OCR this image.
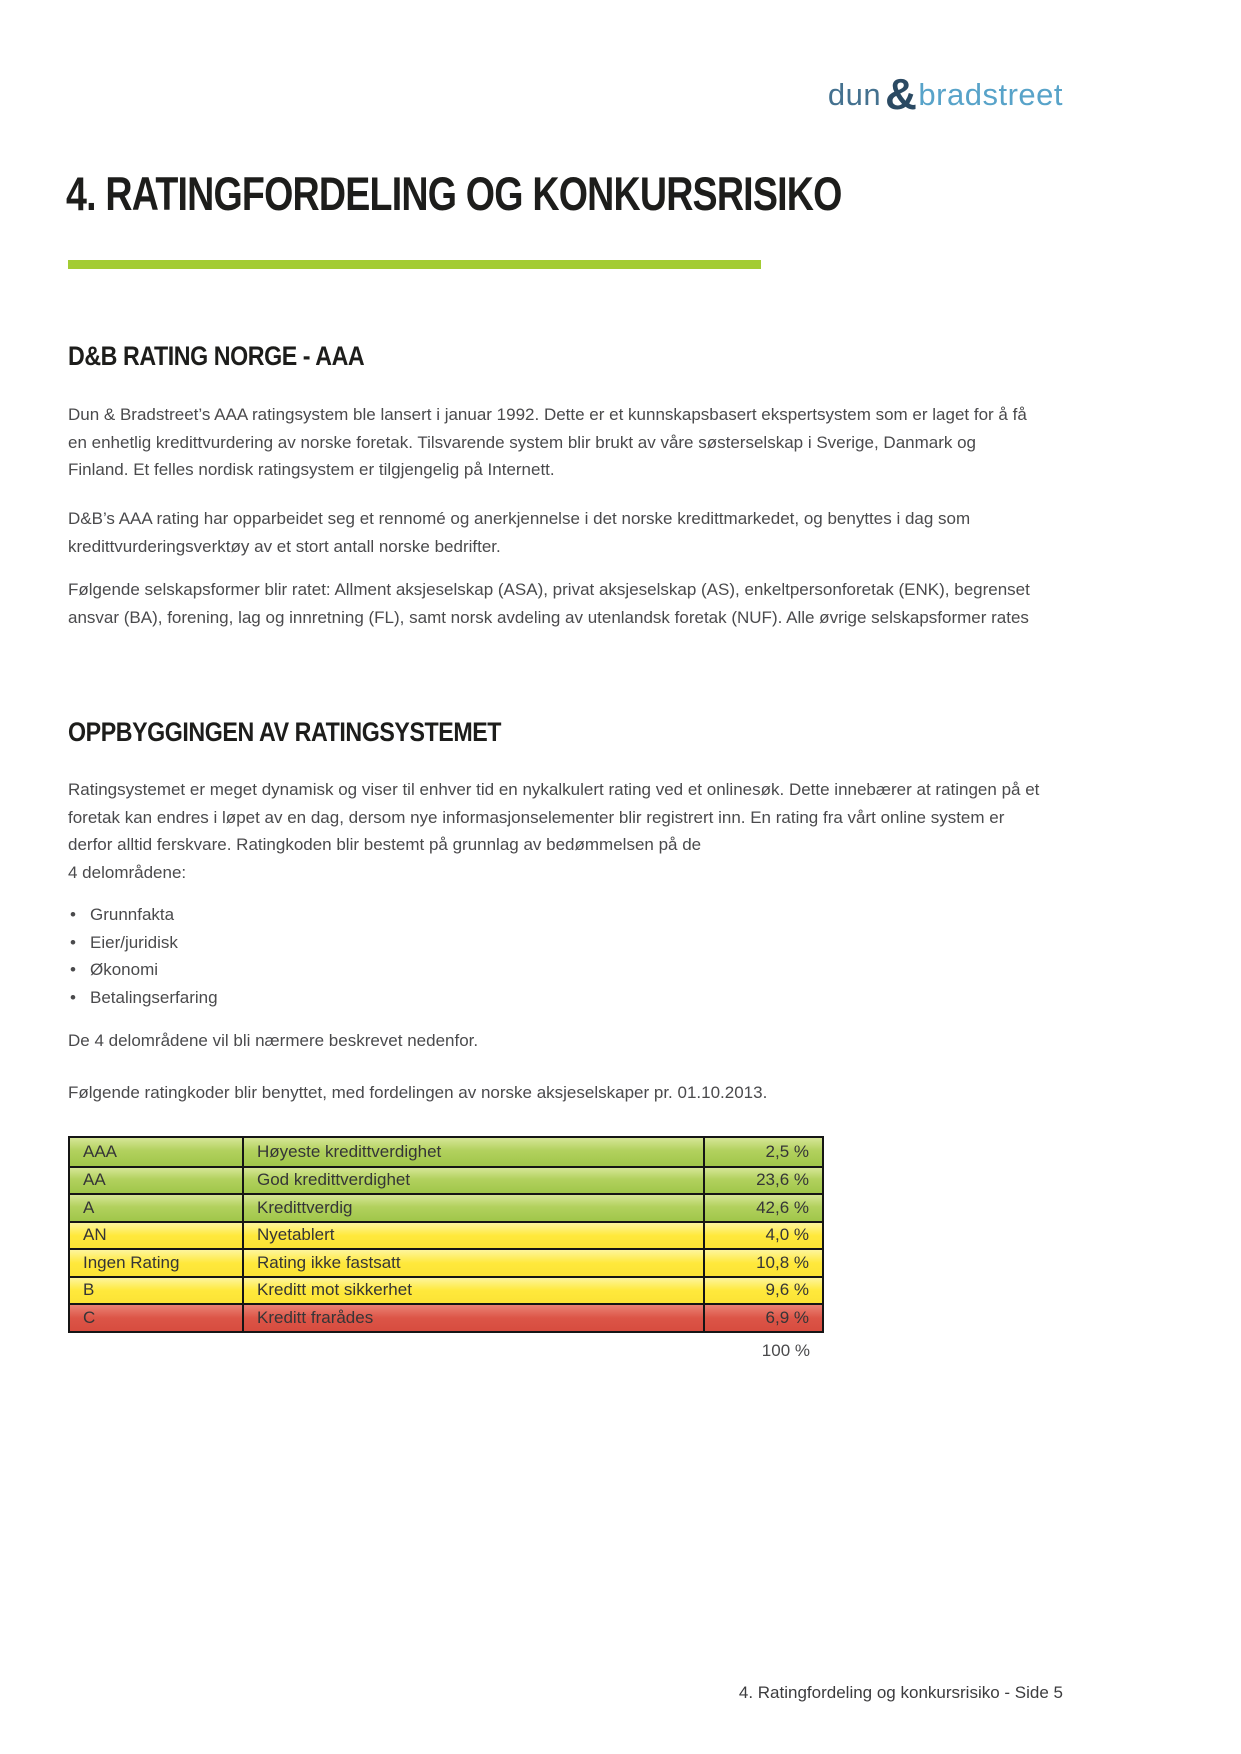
dun & bradstreet
4. RATINGFORDELING OG KONKURSRISIKO
D&B RATING NORGE - AAA
Dun & Bradstreet’s AAA ratingsystem ble lansert i januar 1992. Dette er et kunnskapsbasert ekspertsystem som er laget for å få en enhetlig kredittvurdering av norske foretak. Tilsvarende system blir brukt av våre søsterselskap i Sverige, Danmark og Finland. Et felles nordisk ratingsystem er tilgjengelig på Internett.
D&B’s AAA rating har opparbeidet seg et rennomé og anerkjennelse i det norske kredittmarkedet, og benyttes i dag som kredittvurderingsverktøy av et stort antall norske bedrifter.
Følgende selskapsformer blir ratet: Allment aksjeselskap (ASA), privat aksjeselskap (AS), enkeltpersonforetak (ENK), begrenset ansvar (BA), forening, lag og innretning (FL), samt norsk avdeling av utenlandsk foretak (NUF). Alle øvrige selskapsformer rates
OPPBYGGINGEN AV RATINGSYSTEMET
Ratingsystemet er meget dynamisk og viser til enhver tid en nykalkulert rating ved et onlinesøk. Dette innebærer at ratingen på et foretak kan endres i løpet av en dag, dersom nye informasjonselementer blir registrert inn. En rating fra vårt online system er derfor alltid ferskvare. Ratingkoden blir bestemt på grunnlag av bedømmelsen på de
4 delområdene:
• Grunnfakta
• Eier/juridisk
• Økonomi
• Betalingserfaring
De 4 delområdene vil bli nærmere beskrevet nedenfor.
Følgende ratingkoder blir benyttet, med fordelingen av norske aksjeselskaper pr. 01.10.2013.
AAA	Høyeste kredittverdighet	2,5 %
AA	God kredittverdighet	23,6 %
A	Kredittverdig	42,6 %
AN	Nyetablert	4,0 %
Ingen Rating	Rating ikke fastsatt	10,8 %
B	Kreditt mot sikkerhet	9,6 %
C	Kreditt frarådes	6,9 %
100 %
4. Ratingfordeling og konkursrisiko - Side 5
